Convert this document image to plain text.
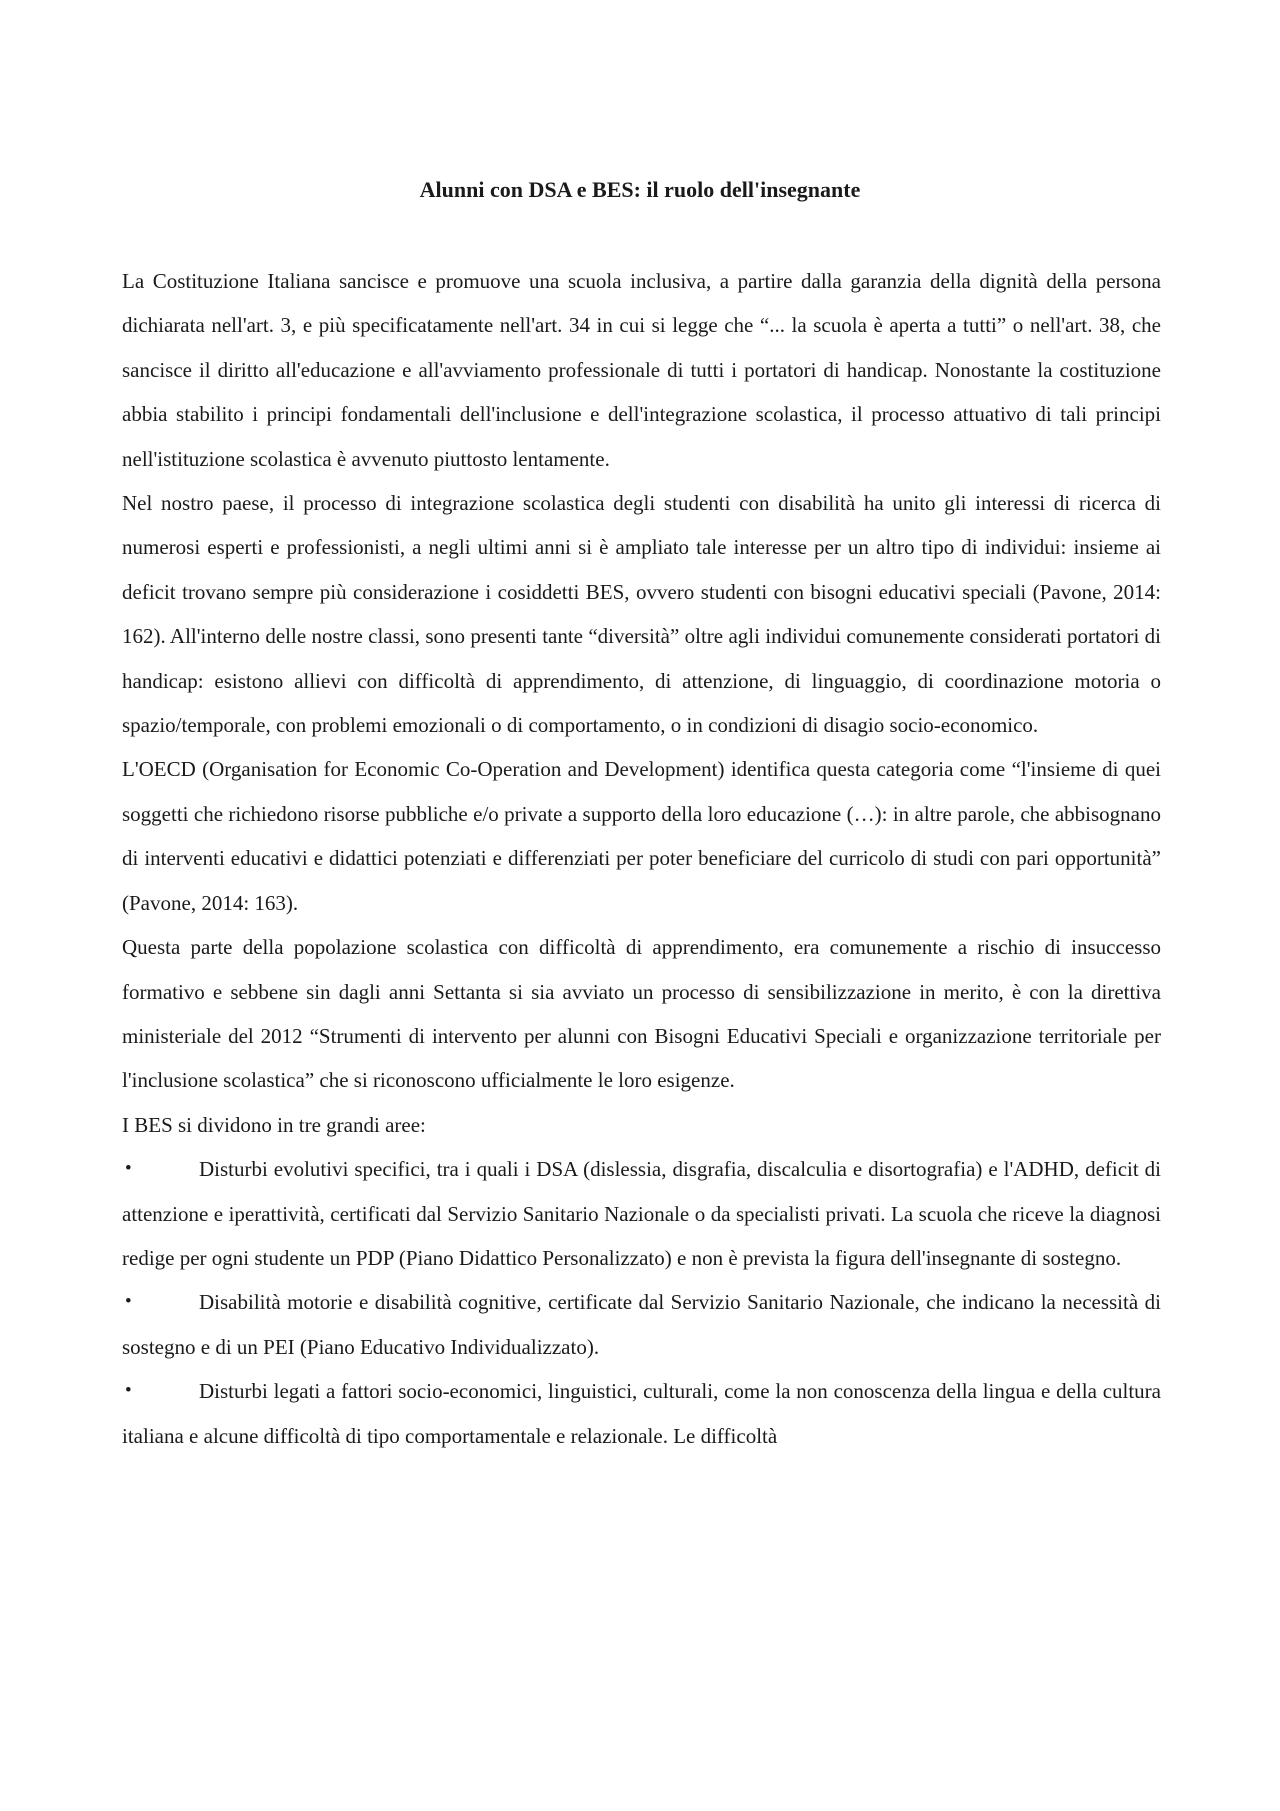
Alunni con DSA e BES: il ruolo dell'insegnante

La Costituzione Italiana sancisce e promuove una scuola inclusiva, a partire dalla garanzia della dignità della persona dichiarata nell'art. 3, e più specificatamente nell'art. 34 in cui si legge che “... la scuola è aperta a tutti” o nell'art. 38, che sancisce il diritto all'educazione e all'avviamento professionale di tutti i portatori di handicap. Nonostante la costituzione abbia stabilito i principi fondamentali dell'inclusione e dell'integrazione scolastica, il processo attuativo di tali principi nell'istituzione scolastica è avvenuto piuttosto lentamente.

Nel nostro paese, il processo di integrazione scolastica degli studenti con disabilità ha unito gli interessi di ricerca di numerosi esperti e professionisti, a negli ultimi anni si è ampliato tale interesse per un altro tipo di individui: insieme ai deficit trovano sempre più considerazione i cosiddetti BES, ovvero studenti con bisogni educativi speciali (Pavone, 2014: 162). All'interno delle nostre classi, sono presenti tante “diversità” oltre agli individui comunemente considerati portatori di handicap: esistono allievi con difficoltà di apprendimento, di attenzione, di linguaggio, di coordinazione motoria o spazio/temporale, con problemi emozionali o di comportamento, o in condizioni di disagio socio-economico.

L'OECD (Organisation for Economic Co-Operation and Development) identifica questa categoria come “l'insieme di quei soggetti che richiedono risorse pubbliche e/o private a supporto della loro educazione (…): in altre parole, che abbisognano di interventi educativi e didattici potenziati e differenziati per poter beneficiare del curricolo di studi con pari opportunità” (Pavone, 2014: 163).

Questa parte della popolazione scolastica con difficoltà di apprendimento, era comunemente a rischio di insuccesso formativo e sebbene sin dagli anni Settanta si sia avviato un processo di sensibilizzazione in merito, è con la direttiva ministeriale del 2012 “Strumenti di intervento per alunni con Bisogni Educativi Speciali e organizzazione territoriale per l'inclusione scolastica” che si riconoscono ufficialmente le loro esigenze.

I BES si dividono in tre grandi aree:

•	Disturbi evolutivi specifici, tra i quali i DSA (dislessia, disgrafia, discalculia e disortografia) e l'ADHD, deficit di attenzione e iperattività, certificati dal Servizio Sanitario Nazionale o da specialisti privati. La scuola che riceve la diagnosi redige per ogni studente un PDP (Piano Didattico Personalizzato) e non è prevista la figura dell'insegnante di sostegno.

•	Disabilità motorie e disabilità cognitive, certificate dal Servizio Sanitario Nazionale, che indicano la necessità di sostegno e di un PEI (Piano Educativo Individualizzato).

•	Disturbi legati a fattori socio-economici, linguistici, culturali, come la non conoscenza della lingua e della cultura italiana e alcune difficoltà di tipo comportamentale e relazionale. Le difficoltà
